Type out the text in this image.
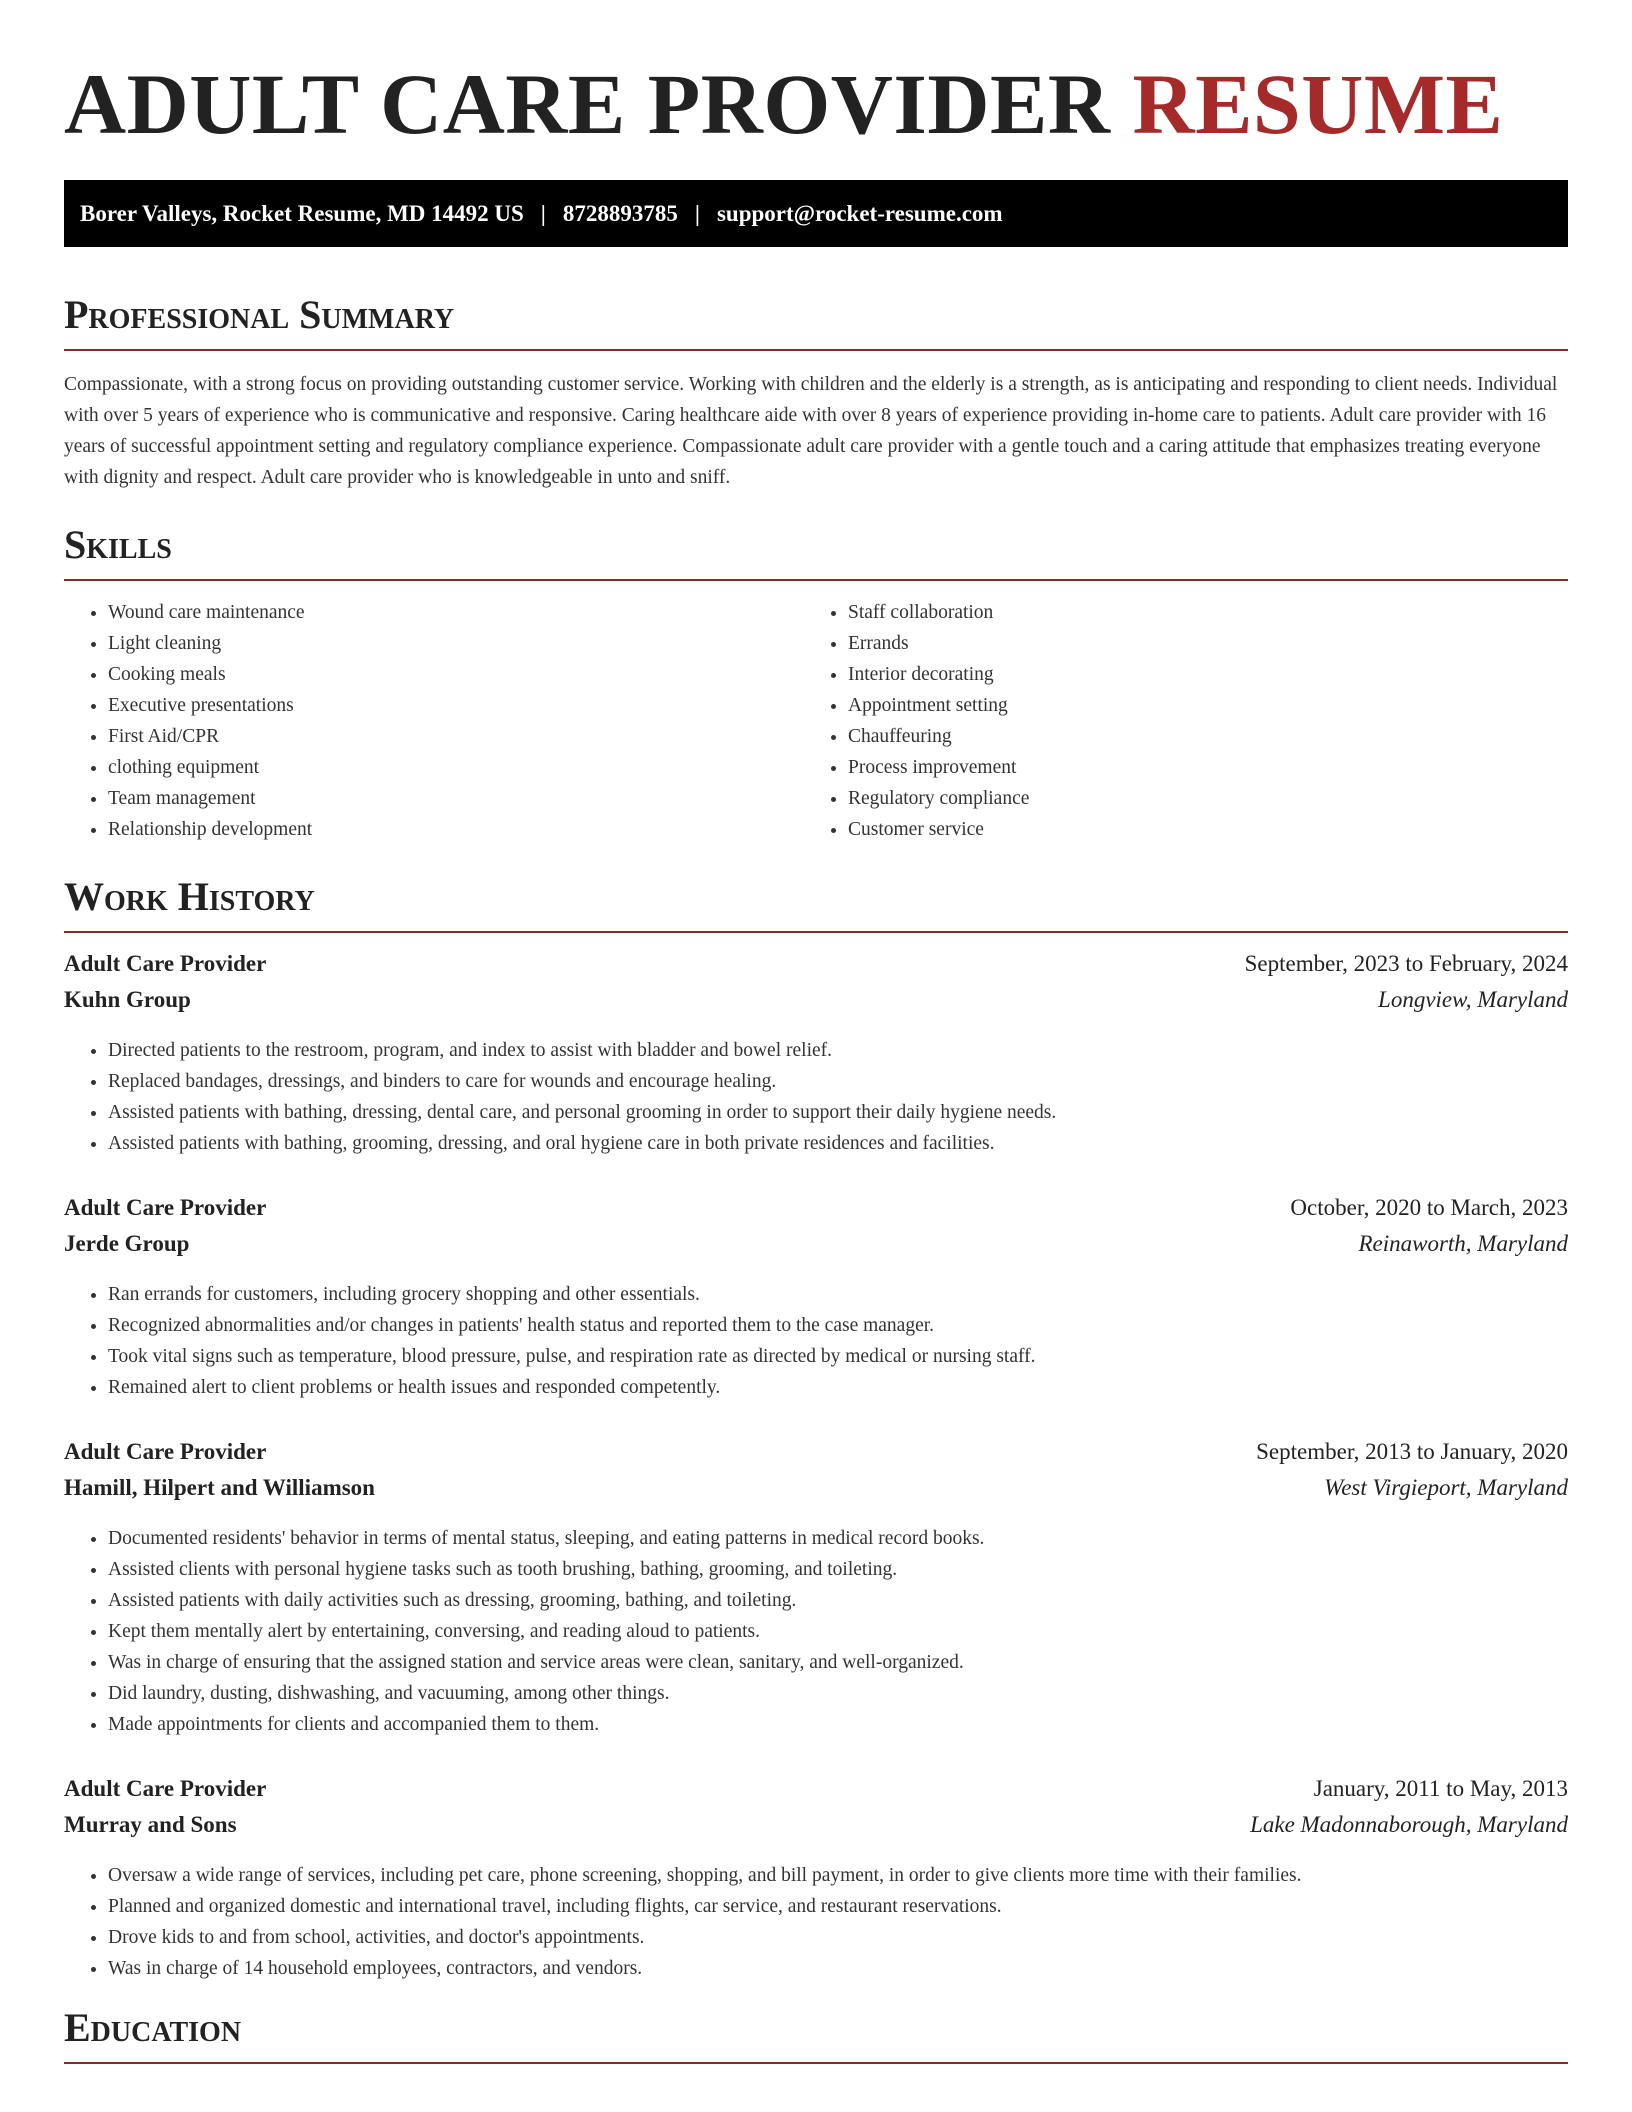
ADULT CARE PROVIDER RESUME
Borer Valleys, Rocket Resume, MD 14492 US | 8728893785 | support@rocket-resume.com
Professional Summary

Compassionate, with a strong focus on providing outstanding customer service. Working with children and the elderly is a strength, as is anticipating and responding to client needs. Individual with over 5 years of experience who is communicative and responsive. Caring healthcare aide with over 8 years of experience providing in-home care to patients. Adult care provider with 16 years of successful appointment setting and regulatory compliance experience. Compassionate adult care provider with a gentle touch and a caring attitude that emphasizes treating everyone with dignity and respect. Adult care provider who is knowledgeable in unto and sniff.

Skills
• Wound care maintenance
• Light cleaning
• Cooking meals
• Executive presentations
• First Aid/CPR
• clothing equipment
• Team management
• Relationship development
• Staff collaboration
• Errands
• Interior decorating
• Appointment setting
• Chauffeuring
• Process improvement
• Regulatory compliance
• Customer service
Work History
Adult Care Provider	September, 2023 to February, 2024
Kuhn Group	Longview, Maryland
• Directed patients to the restroom, program, and index to assist with bladder and bowel relief.
• Replaced bandages, dressings, and binders to care for wounds and encourage healing.
• Assisted patients with bathing, dressing, dental care, and personal grooming in order to support their daily hygiene needs.
• Assisted patients with bathing, grooming, dressing, and oral hygiene care in both private residences and facilities.
Adult Care Provider	October, 2020 to March, 2023
Jerde Group	Reinaworth, Maryland
• Ran errands for customers, including grocery shopping and other essentials.
• Recognized abnormalities and/or changes in patients' health status and reported them to the case manager.
• Took vital signs such as temperature, blood pressure, pulse, and respiration rate as directed by medical or nursing staff.
• Remained alert to client problems or health issues and responded competently.
Adult Care Provider	September, 2013 to January, 2020
Hamill, Hilpert and Williamson	West Virgieport, Maryland
• Documented residents' behavior in terms of mental status, sleeping, and eating patterns in medical record books.
• Assisted clients with personal hygiene tasks such as tooth brushing, bathing, grooming, and toileting.
• Assisted patients with daily activities such as dressing, grooming, bathing, and toileting.
• Kept them mentally alert by entertaining, conversing, and reading aloud to patients.
• Was in charge of ensuring that the assigned station and service areas were clean, sanitary, and well-organized.
• Did laundry, dusting, dishwashing, and vacuuming, among other things.
• Made appointments for clients and accompanied them to them.
Adult Care Provider	January, 2011 to May, 2013
Murray and Sons	Lake Madonnaborough, Maryland
• Oversaw a wide range of services, including pet care, phone screening, shopping, and bill payment, in order to give clients more time with their families.
• Planned and organized domestic and international travel, including flights, car service, and restaurant reservations.
• Drove kids to and from school, activities, and doctor's appointments.
• Was in charge of 14 household employees, contractors, and vendors.
Education
